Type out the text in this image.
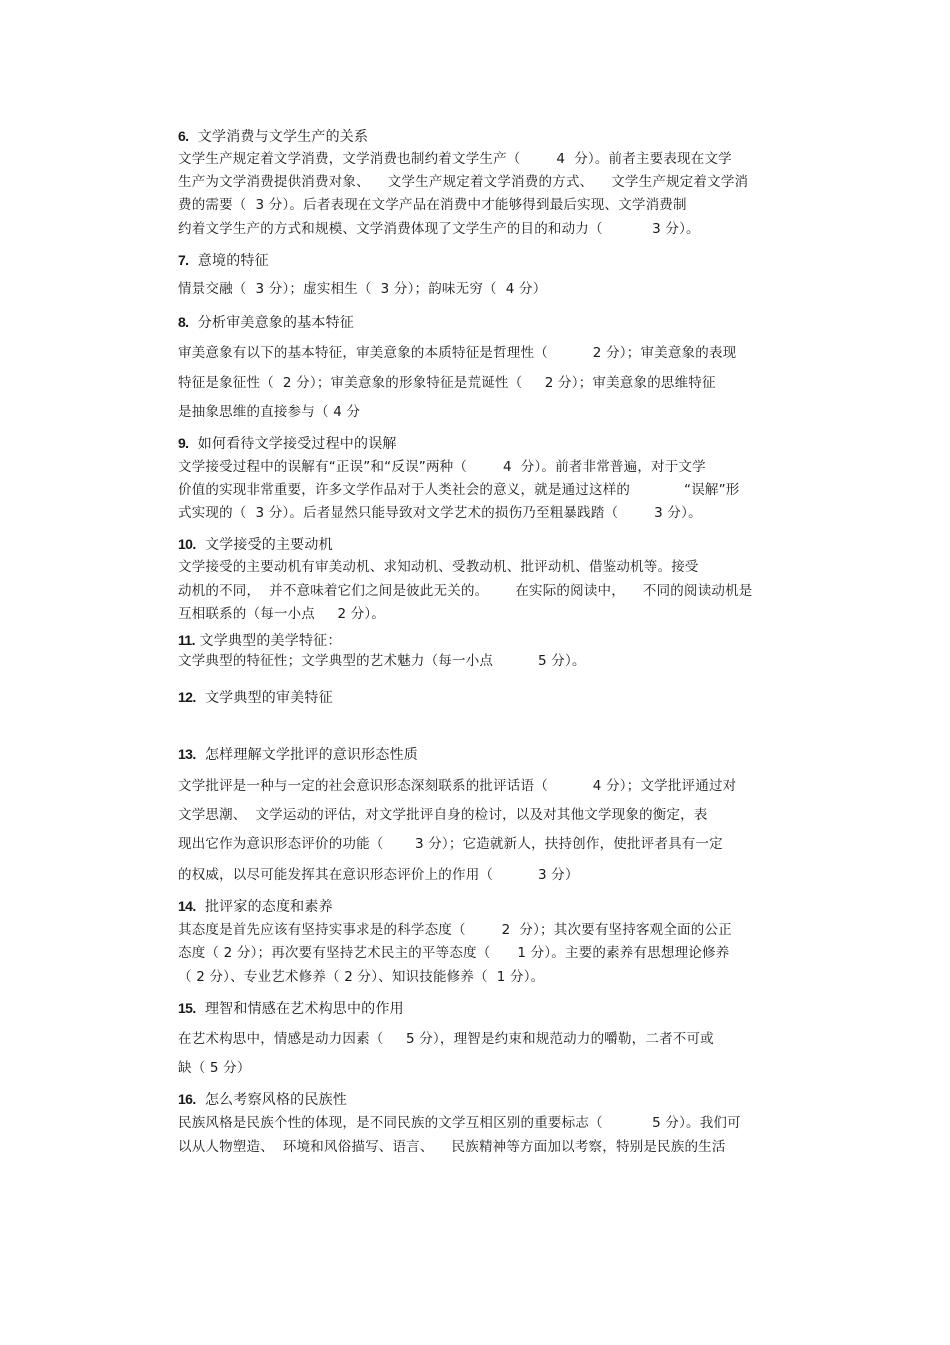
6. 文学消费与文学生产的关系
文学生产规定着文学消费，文学消费也制约着文学生产（        4  分）。前者主要表现在文学
生产为文学消费提供消费对象、    文学生产规定着文学消费的方式、    文学生产规定着文学消
费的需要（  3 分）。后者表现在文学产品在消费中才能够得到最后实现、文学消费制
约着文学生产的方式和规模、文学消费体现了文学生产的目的和动力（           3 分）。
7. 意境的特征
情景交融（  3 分）；虚实相生（  3 分）；韵味无穷（  4 分）
8. 分析审美意象的基本特征
审美意象有以下的基本特征，审美意象的本质特征是哲理性（          2 分）；审美意象的表现
特征是象征性（  2 分）；审美意象的形象特征是荒诞性（     2 分）；审美意象的思维特征
是抽象思维的直接参与（ 4 分
9. 如何看待文学接受过程中的误解
文学接受过程中的误解有“正误”和“反误”两种（        4  分）。前者非常普遍，对于文学
价值的实现非常重要，许多文学作品对于人类社会的意义，就是通过这样的            “误解”形
式实现的（  3 分）。后者显然只能导致对文学艺术的损伤乃至粗暴践踏（        3 分）。
10. 文学接受的主要动机
文学接受的主要动机有审美动机、求知动机、受教动机、批评动机、借鉴动机等。接受
动机的不同，  并不意味着它们之间是彼此无关的。      在实际的阅读中，    不同的阅读动机是
互相联系的（每一小点     2 分）。
11. 文学典型的美学特征：
文学典型的特征性；文学典型的艺术魅力（每一小点          5 分）。
12. 文学典型的审美特征
13. 怎样理解文学批评的意识形态性质
文学批评是一种与一定的社会意识形态深刻联系的批评话语（          4 分）；文学批评通过对
文学思潮、  文学运动的评估，对文学批评自身的检讨，以及对其他文学现象的衡定，表
现出它作为意识形态评价的功能（       3 分）；它造就新人，扶持创作，使批评者具有一定
的权威，以尽可能发挥其在意识形态评价上的作用（          3 分）
14. 批评家的态度和素养
其态度是首先应该有坚持实事求是的科学态度（        2  分）；其次要有坚持客观全面的公正
态度（ 2 分）；再次要有坚持艺术民主的平等态度（      1 分）。主要的素养有思想理论修养
（ 2 分）、专业艺术修养（ 2 分）、知识技能修养（  1 分）。
15. 理智和情感在艺术构思中的作用
在艺术构思中，情感是动力因素（     5 分），理智是约束和规范动力的嚼勒，二者不可或
缺（ 5 分）
16. 怎么考察风格的民族性
民族风格是民族个性的体现，是不同民族的文学互相区别的重要标志（           5 分）。我们可
以从人物塑造、  环境和风俗描写、语言、    民族精神等方面加以考察，特别是民族的生活
